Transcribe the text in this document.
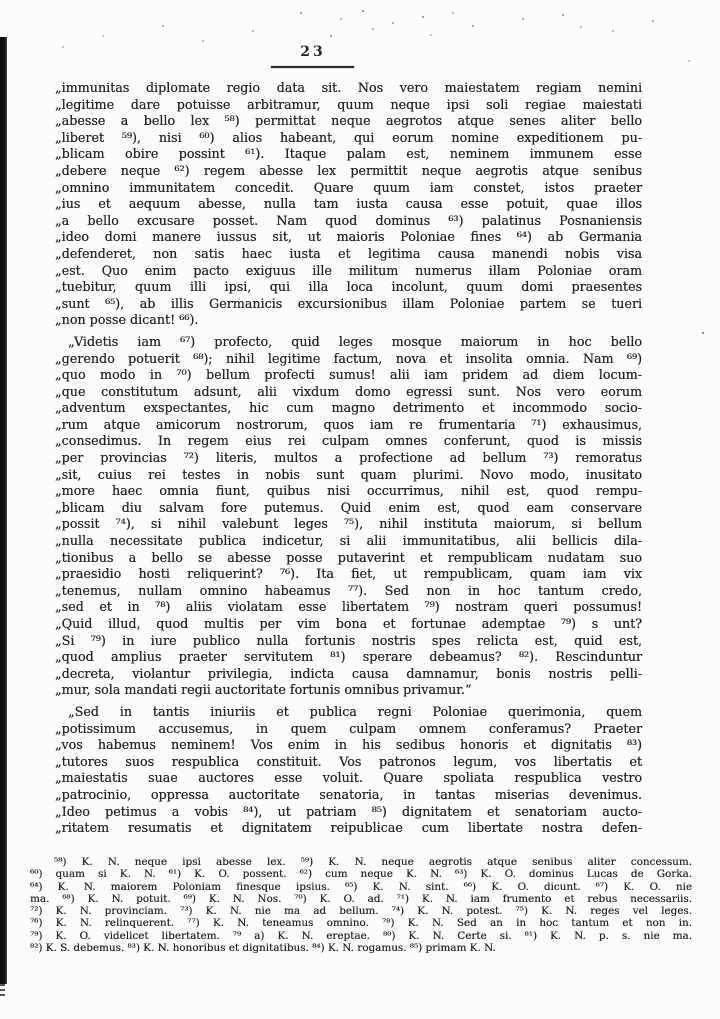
23
„immunitas diplomate regio data sit. Nos vero maiestatem regiam nemini
„legitime dare potuisse arbitramur, quum neque ipsi soli regiae maiestati
„abesse a bello lex ⁵⁸) permittat neque aegrotos atque senes aliter bello
„liberet ⁵⁹), nisi ⁶⁰) alios habeant, qui eorum nomine expeditionem pu-
„blicam obire possint ⁶¹). Itaque palam est, neminem immunem esse
„debere neque ⁶²) regem abesse lex permittit neque aegrotis atque senibus
„omnino immunitatem concedit. Quare quum iam constet, istos praeter
„ius et aequum abesse, nulla tam iusta causa esse potuit, quae illos
„a bello excusare posset. Nam quod dominus ⁶³) palatinus Posnaniensis
„ideo domi manere iussus sit, ut maioris Poloniae fines ⁶⁴) ab Germania
„defenderet, non satis haec iusta et legitima causa manendi nobis visa
„est. Quo enim pacto exiguus ille militum numerus illam Poloniae oram
„tuebitur, quum illi ipsi, qui illa loca incolunt, quum domi praesentes
„sunt ⁶⁵), ab illis Germanicis excursionibus illam Poloniae partem se tueri
„non posse dicant! ⁶⁶).
„Videtis iam ⁶⁷) profecto, quid leges mosque maiorum in hoc bello
„gerendo potuerit ⁶⁸); nihil legitime factum, nova et insolita omnia. Nam ⁶⁹)
„quo modo in ⁷⁰) bellum profecti sumus! alii iam pridem ad diem locum-
„que constitutum adsunt, alii vixdum domo egressi sunt. Nos vero eorum
„adventum exspectantes, hic cum magno detrimento et incommodo socio-
„rum atque amicorum nostrorum, quos iam re frumentaria ⁷¹) exhausimus,
„consedimus. In regem eius rei culpam omnes conferunt, quod is missis
„per provincias ⁷²) literis, multos a profectione ad bellum ⁷³) remoratus
„sit, cuius rei testes in nobis sunt quam plurimi. Novo modo, inusitato
„more haec omnia fiunt, quibus nisi occurrimus, nihil est, quod rempu-
„blicam diu salvam fore putemus. Quid enim est, quod eam conservare
„possit ⁷⁴), si nihil valebunt leges ⁷⁵), nihil instituta maiorum, si bellum
„nulla necessitate publica indicetur, si alii immunitatibus, alii bellicis dila-
„tionibus a bello se abesse posse putaverint et rempublicam nudatam suo
„praesidio hosti reliquerint? ⁷⁶). Ita fiet, ut rempublicam, quam iam vix
„tenemus, nullam omnino habeamus ⁷⁷). Sed non in hoc tantum credo,
„sed et in ⁷⁸) aliis violatam esse libertatem ⁷⁹) nostram queri possumus!
„Quid illud, quod multis per vim bona et fortunae ademptae ⁷⁹) s unt?
„Si ⁷⁹) in iure publico nulla fortunis nostris spes relicta est, quid est,
„quod amplius praeter servitutem ⁸¹) sperare debeamus? ⁸²). Rescinduntur
„decreta, violantur privilegia, indicta causa damnamur, bonis nostris pelli-
„mur, sola mandati regii auctoritate fortunis omnibus privamur.“
„Sed in tantis iniuriis et publica regni Poloniae querimonia, quem
„potissimum accusemus, in quem culpam omnem conferamus? Praeter
„vos habemus neminem! Vos enim in his sedibus honoris et dignitatis ⁸³)
„tutores suos respublica constituit. Vos patronos legum, vos libertatis et
„maiestatis suae auctores esse voluit. Quare spoliata respublica vestro
„patrocinio, oppressa auctoritate senatoria, in tantas miserias devenimus.
„Ideo petimus a vobis ⁸⁴), ut patriam ⁸⁵) dignitatem et senatoriam aucto-
„ritatem resumatis et dignitatem reipublicae cum libertate nostra defen-
⁵⁸) K. N. neque ipsi abesse lex. ⁵⁹) K. N. neque aegrotis atque senibus aliter concessum.
⁶⁰) quam si K. N. ⁶¹) K. O. possent. ⁶²) cum neque K. N. ⁶³) K. O. dominus Lucas de Gorka.
⁶⁴) K. N. maiorem Poloniam finesque ipsius. ⁶⁵) K. N. sint. ⁶⁶) K. O. dicunt. ⁶⁷) K. O. nie
ma. ⁶⁸) K. N. potuit. ⁶⁹) K. N. Nos. ⁷⁰) K. O. ad. ⁷¹) K. N. iam frumento et rebus necessariis.
⁷²) K. N. provinciam. ⁷³) K. N. nie ma ad bellum. ⁷⁴) K. N. potest. ⁷⁵) K. N. reges vel leges.
⁷⁶) K. N. relinquerent. ⁷⁷) K. N. teneamus omnino. ⁷⁸) K. N. Sed an in hoc tantum et non in.
⁷⁹) K. O. videlicet libertatem. ⁷⁹ a) K. N. ereptae. ⁸⁰) K. N. Certe si. ⁸¹) K. N. p. s. nie ma.
⁸²) K. S. debemus. ⁸³) K. N. honoribus et dignitatibus. ⁸⁴) K. N. rogamus. ⁸⁵) primam K. N.
